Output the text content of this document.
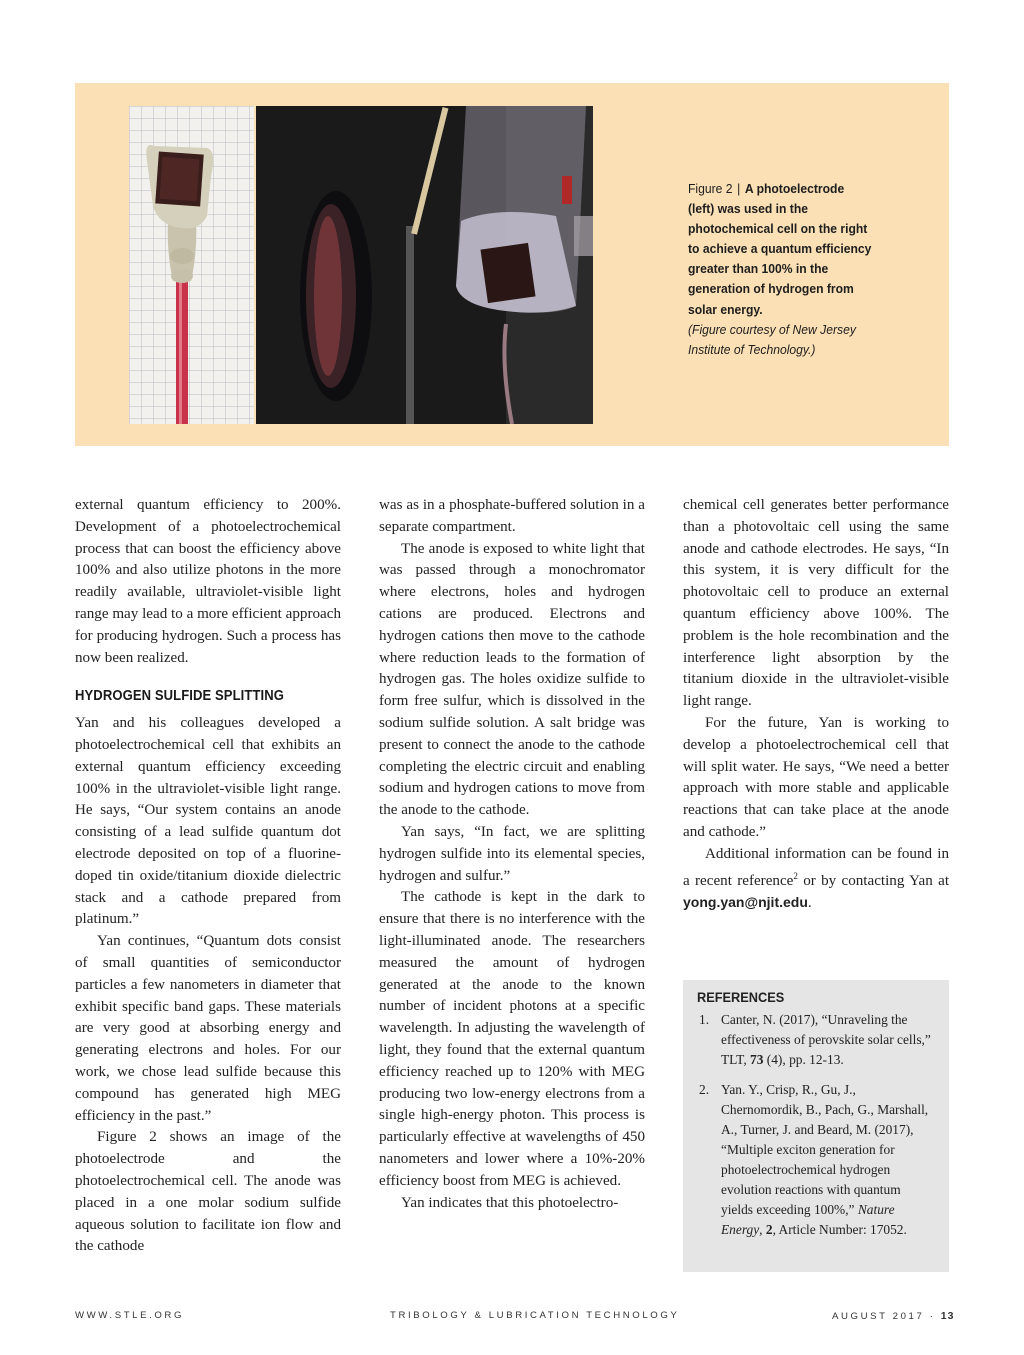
Figure 2 | A photoelectrode (left) was used in the photochemical cell on the right to achieve a quantum efficiency greater than 100% in the generation of hydrogen from solar energy.
(Figure courtesy of New Jersey Institute of Technology.)

external quantum efficiency to 200%. Development of a photoelectrochemical process that can boost the efficiency above 100% and also utilize photons in the more readily available, ultraviolet-visible light range may lead to a more efficient approach for producing hydrogen. Such a process has now been realized.

HYDROGEN SULFIDE SPLITTING

Yan and his colleagues developed a photoelectrochemical cell that exhibits an external quantum efficiency exceeding 100% in the ultraviolet-visible light range. He says, “Our system contains an anode consisting of a lead sulfide quantum dot electrode deposited on top of a fluorine-doped tin oxide/titanium dioxide dielectric stack and a cathode prepared from platinum.”

Yan continues, “Quantum dots consist of small quantities of semiconductor particles a few nanometers in diameter that exhibit specific band gaps. These materials are very good at absorbing energy and generating electrons and holes. For our work, we chose lead sulfide because this compound has generated high MEG efficiency in the past.”

Figure 2 shows an image of the photoelectrode and the photoelectrochemical cell. The anode was placed in a one molar sodium sulfide aqueous solution to facilitate ion flow and the cathode

was as in a phosphate-buffered solution in a separate compartment.

The anode is exposed to white light that was passed through a monochromator where electrons, holes and hydrogen cations are produced. Electrons and hydrogen cations then move to the cathode where reduction leads to the formation of hydrogen gas. The holes oxidize sulfide to form free sulfur, which is dissolved in the sodium sulfide solution. A salt bridge was present to connect the anode to the cathode completing the electric circuit and enabling sodium and hydrogen cations to move from the anode to the cathode.

Yan says, “In fact, we are splitting hydrogen sulfide into its elemental species, hydrogen and sulfur.”

The cathode is kept in the dark to ensure that there is no interference with the light-illuminated anode. The researchers measured the amount of hydrogen generated at the anode to the known number of incident photons at a specific wavelength. In adjusting the wavelength of light, they found that the external quantum efficiency reached up to 120% with MEG producing two low-energy electrons from a single high-energy photon. This process is particularly effective at wavelengths of 450 nanometers and lower where a 10%-20% efficiency boost from MEG is achieved.

Yan indicates that this photoelectro-

chemical cell generates better performance than a photovoltaic cell using the same anode and cathode electrodes. He says, “In this system, it is very difficult for the photovoltaic cell to produce an external quantum efficiency above 100%. The problem is the hole recombination and the interference light absorption by the titanium dioxide in the ultraviolet-visible light range.

For the future, Yan is working to develop a photoelectrochemical cell that will split water. He says, “We need a better approach with more stable and applicable reactions that can take place at the anode and cathode.”

Additional information can be found in a recent reference$^2$ or by contacting Yan at yong.yan@njit.edu.

REFERENCES
1. Canter, N. (2017), “Unraveling the effectiveness of perovskite solar cells,” TLT, 73 (4), pp. 12-13.
2. Yan. Y., Crisp, R., Gu, J., Chernomordik, B., Pach, G., Marshall, A., Turner, J. and Beard, M. (2017), “Multiple exciton generation for photoelectrochemical hydrogen evolution reactions with quantum yields exceeding 100%,” Nature Energy, 2, Article Number: 17052.
WWW.STLE.ORG	TRIBOLOGY & LUBRICATION TECHNOLOGY	AUGUST 2017 · 13
